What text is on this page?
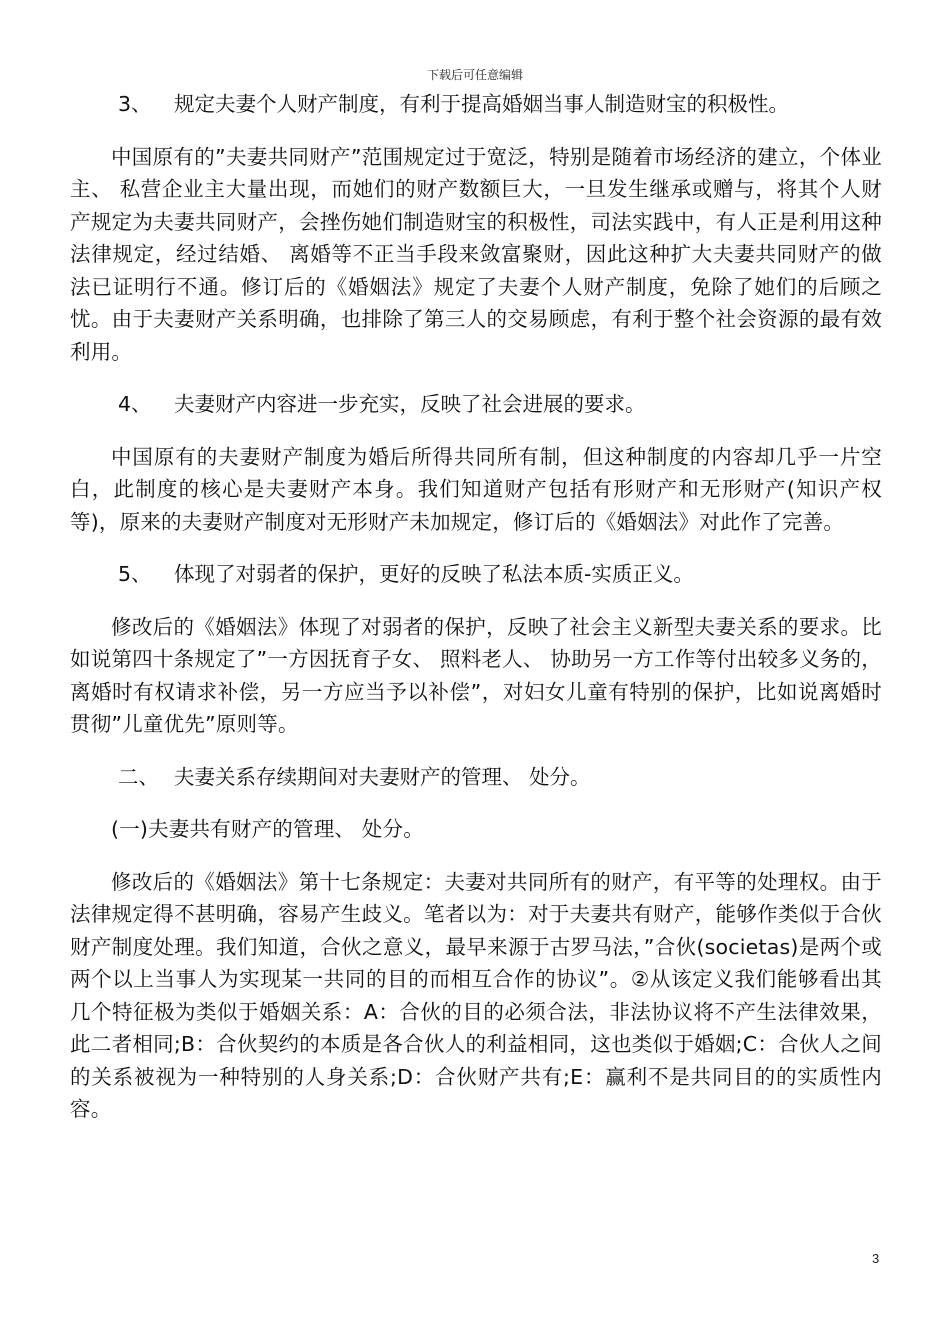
下载后可任意编辑

3、 规定夫妻个人财产制度，有利于提高婚姻当事人制造财宝的积极性。

中国原有的”夫妻共同财产”范围规定过于宽泛，特别是随着市场经济的建立，个体业主、 私营企业主大量出现，而她们的财产数额巨大，一旦发生继承或赠与，将其个人财产规定为夫妻共同财产，会挫伤她们制造财宝的积极性，司法实践中，有人正是利用这种法律规定，经过结婚、 离婚等不正当手段来敛富聚财，因此这种扩大夫妻共同财产的做法已证明行不通。修订后的《婚姻法》规定了夫妻个人财产制度，免除了她们的后顾之忧。由于夫妻财产关系明确，也排除了第三人的交易顾虑，有利于整个社会资源的最有效利用。

4、 夫妻财产内容进一步充实，反映了社会进展的要求。

中国原有的夫妻财产制度为婚后所得共同所有制，但这种制度的内容却几乎一片空白，此制度的核心是夫妻财产本身。我们知道财产包括有形财产和无形财产(知识产权等)，原来的夫妻财产制度对无形财产未加规定，修订后的《婚姻法》对此作了完善。

5、 体现了对弱者的保护，更好的反映了私法本质-实质正义。

修改后的《婚姻法》体现了对弱者的保护，反映了社会主义新型夫妻关系的要求。比如说第四十条规定了”一方因抚育子女、 照料老人、 协助另一方工作等付出较多义务的，离婚时有权请求补偿，另一方应当予以补偿”，对妇女儿童有特别的保护，比如说离婚时贯彻”儿童优先”原则等。

二、 夫妻关系存续期间对夫妻财产的管理、 处分。

(一)夫妻共有财产的管理、 处分。

修改后的《婚姻法》第十七条规定：夫妻对共同所有的财产，有平等的处理权。由于法律规定得不甚明确，容易产生歧义。笔者以为：对于夫妻共有财产，能够作类似于合伙财产制度处理。我们知道，合伙之意义，最早来源于古罗马法，”合伙(societas)是两个或两个以上当事人为实现某一共同的目的而相互合作的协议”。②从该定义我们能够看出其几个特征极为类似于婚姻关系：A：合伙的目的必须合法，非法协议将不产生法律效果，此二者相同;B：合伙契约的本质是各合伙人的利益相同，这也类似于婚姻;C：合伙人之间的关系被视为一种特别的人身关系;D：合伙财产共有;E：赢利不是共同目的的实质性内容。

3
